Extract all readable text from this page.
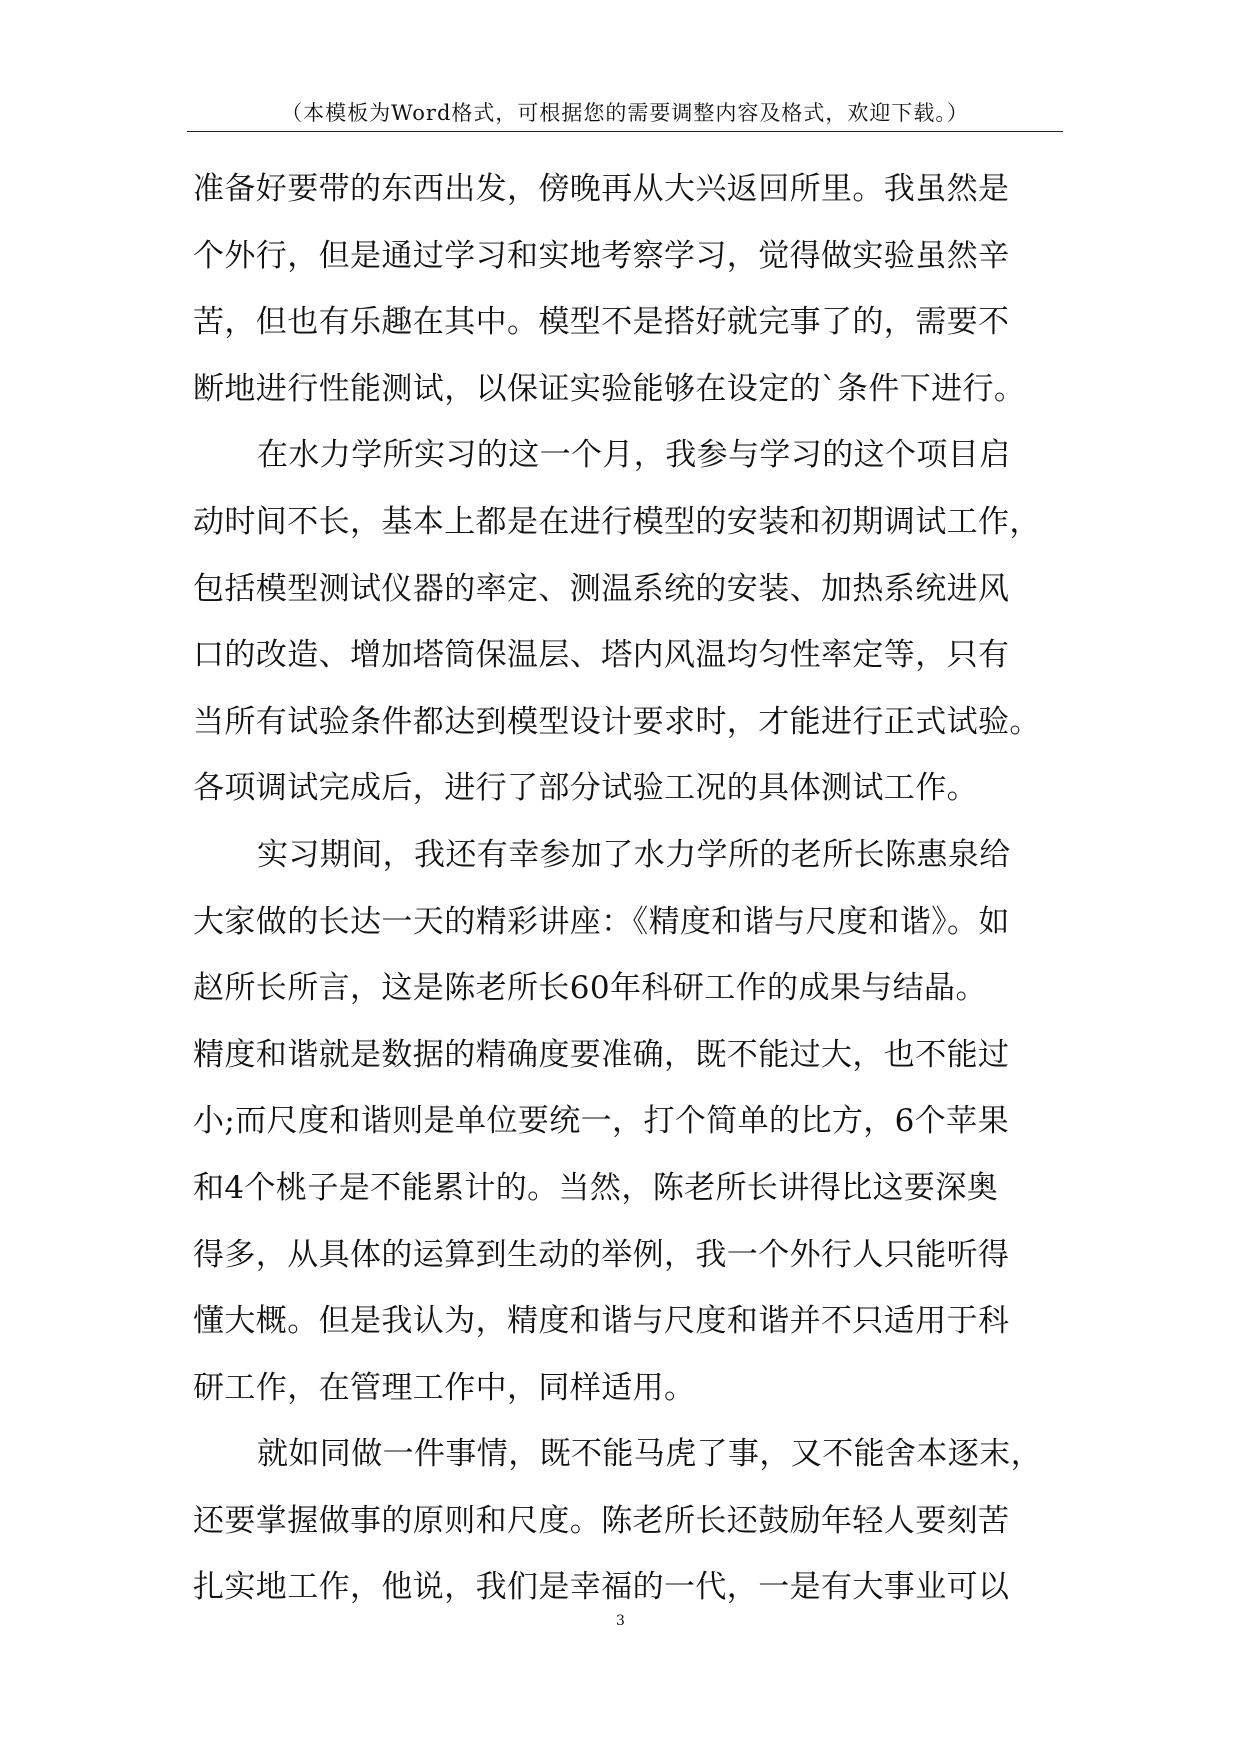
（本模板为Word格式，可根据您的需要调整内容及格式，欢迎下载。）
准备好要带的东西出发，傍晚再从大兴返回所里。我虽然是
个外行，但是通过学习和实地考察学习，觉得做实验虽然辛
苦，但也有乐趣在其中。模型不是搭好就完事了的，需要不
断地进行性能测试，以保证实验能够在设定的`条件下进行。
在水力学所实习的这一个月，我参与学习的这个项目启
动时间不长，基本上都是在进行模型的安装和初期调试工作，
包括模型测试仪器的率定、测温系统的安装、加热系统进风
口的改造、增加塔筒保温层、塔内风温均匀性率定等，只有
当所有试验条件都达到模型设计要求时，才能进行正式试验。
各项调试完成后，进行了部分试验工况的具体测试工作。
实习期间，我还有幸参加了水力学所的老所长陈惠泉给
大家做的长达一天的精彩讲座：《精度和谐与尺度和谐》。如
赵所长所言，这是陈老所长60年科研工作的成果与结晶。
精度和谐就是数据的精确度要准确，既不能过大，也不能过
小;而尺度和谐则是单位要统一，打个简单的比方，6个苹果
和4个桃子是不能累计的。当然，陈老所长讲得比这要深奥
得多，从具体的运算到生动的举例，我一个外行人只能听得
懂大概。但是我认为，精度和谐与尺度和谐并不只适用于科
研工作，在管理工作中，同样适用。
就如同做一件事情，既不能马虎了事，又不能舍本逐末，
还要掌握做事的原则和尺度。陈老所长还鼓励年轻人要刻苦
扎实地工作，他说，我们是幸福的一代，一是有大事业可以
3
